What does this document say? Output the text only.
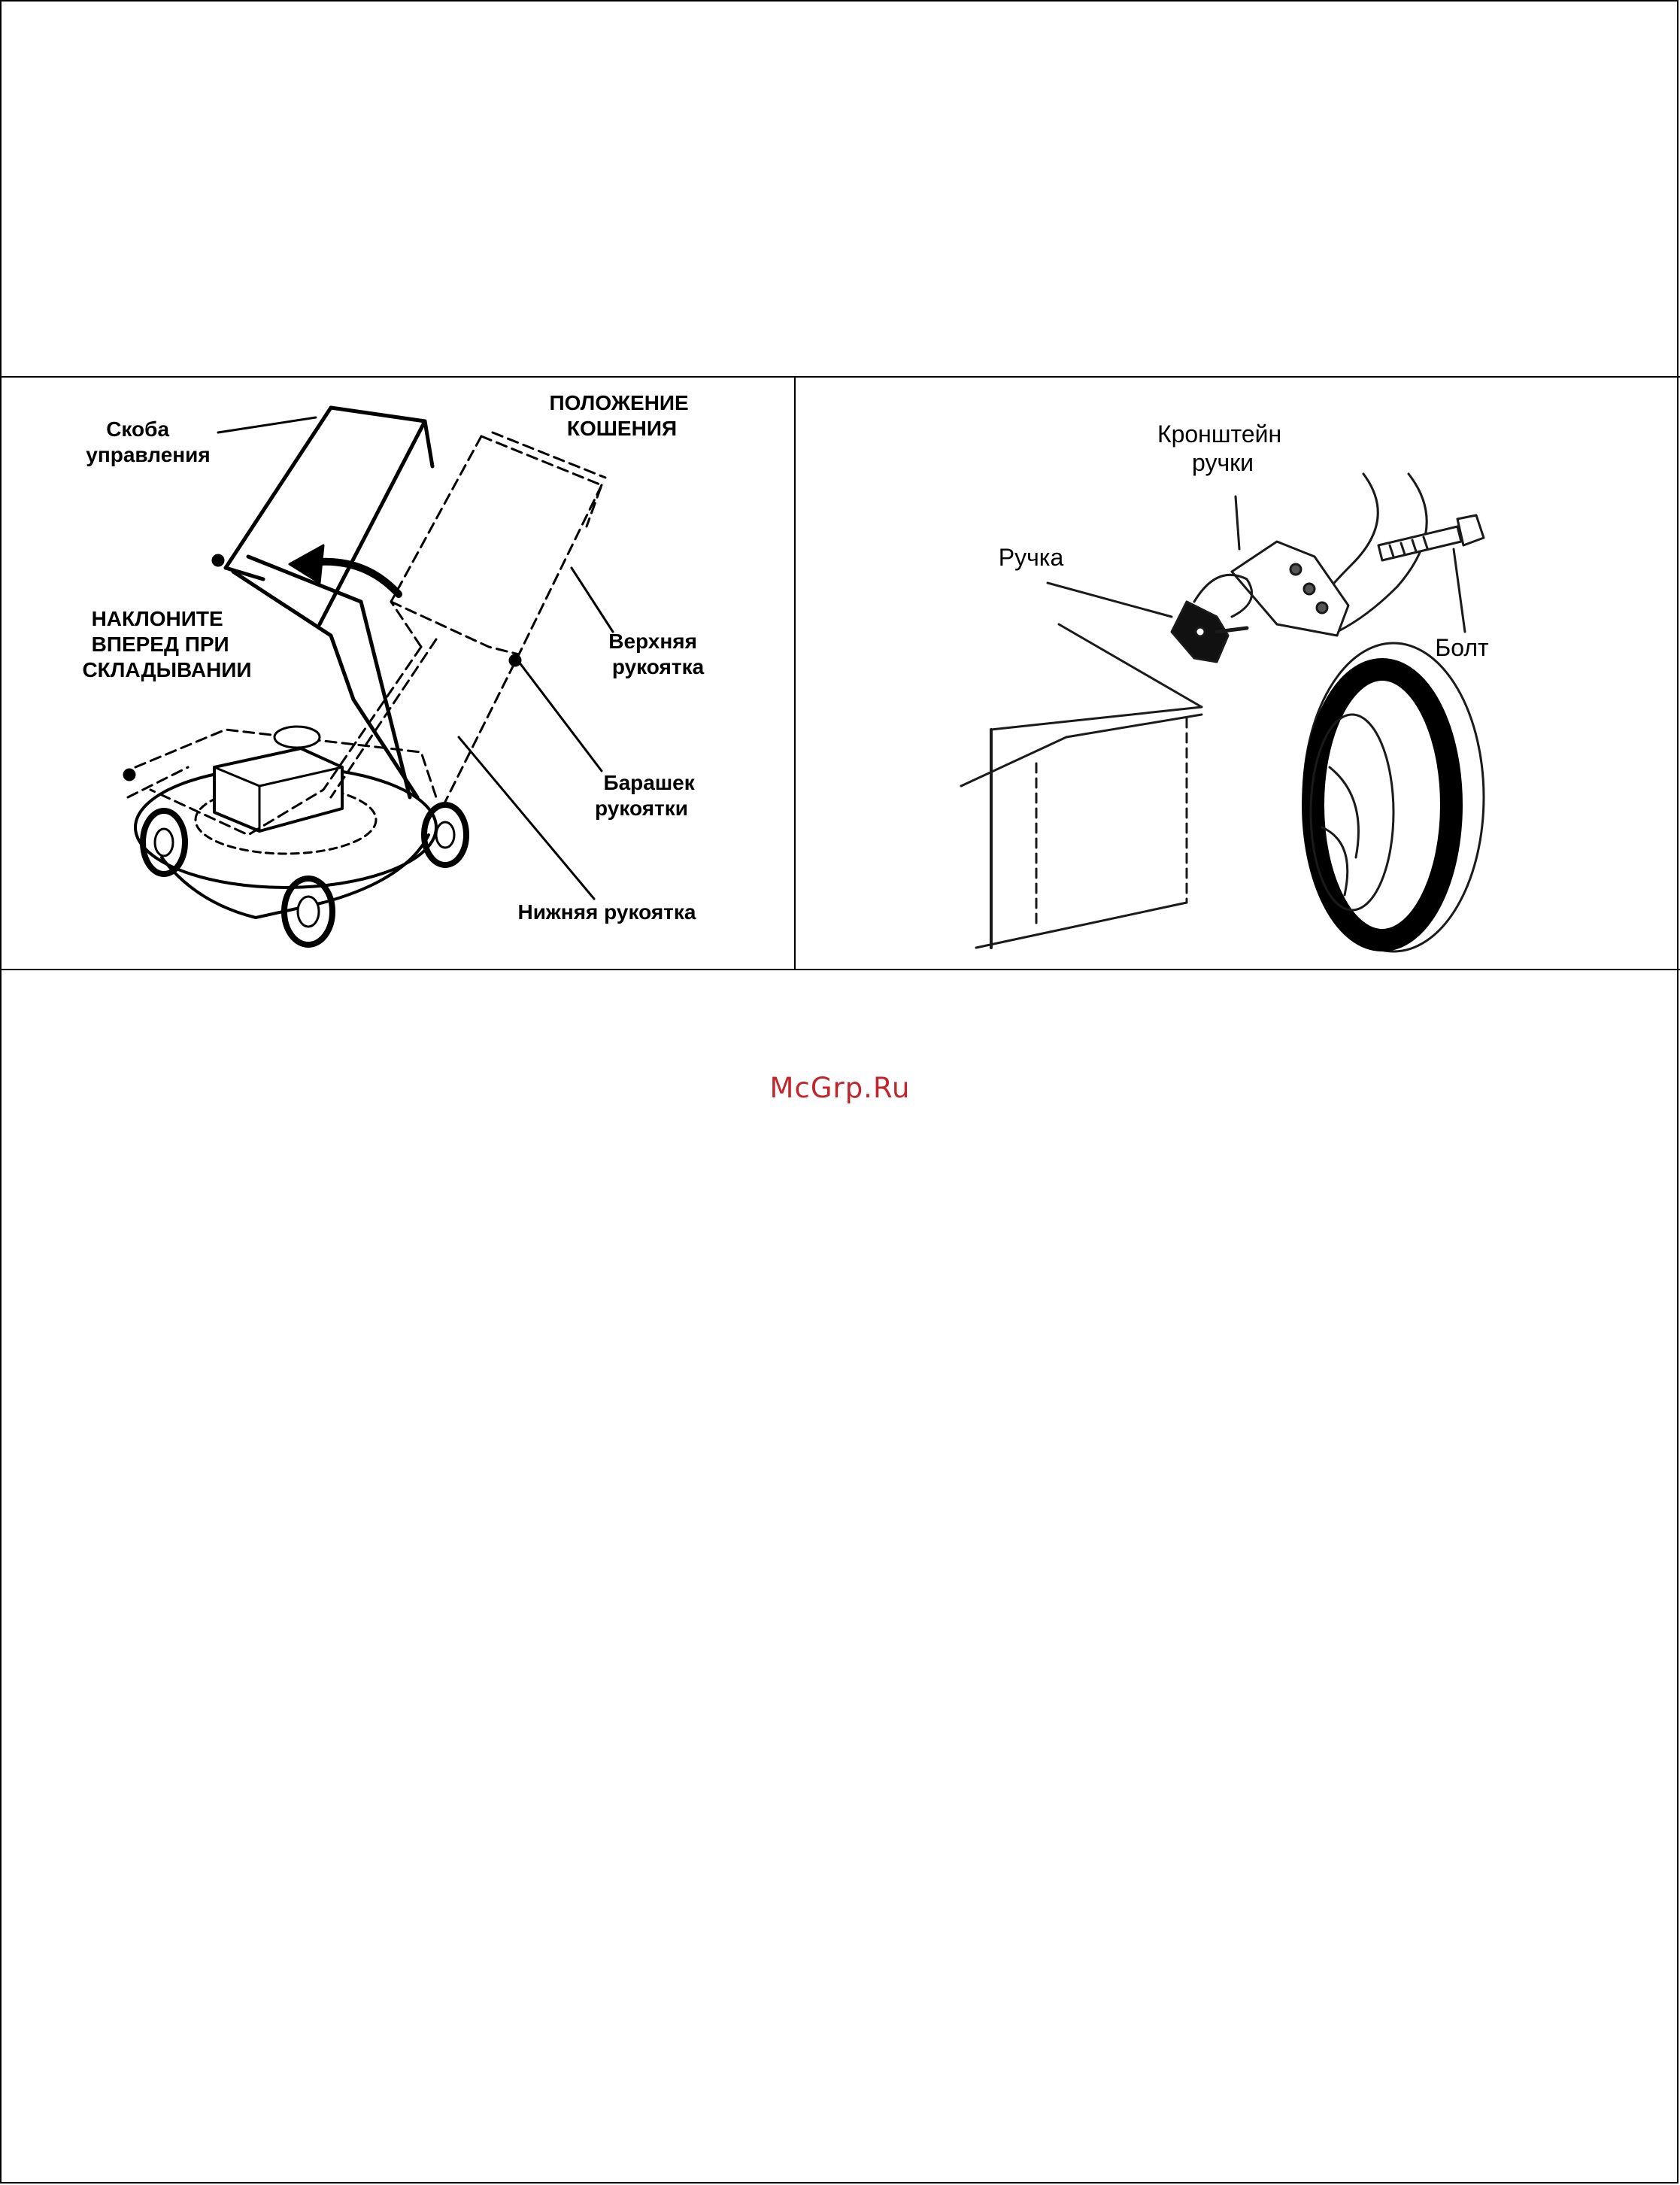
Скоба управления
ПОЛОЖЕНИЕ КОШЕНИЯ
НАКЛОНИТЕ ВПЕРЕД ПРИ СКЛАДЫВАНИИ
Верхняя рукоятка
Барашек рукоятки
Нижняя рукоятка
Кронштейн ручки
Ручка
Болт
McGrp.Ru
